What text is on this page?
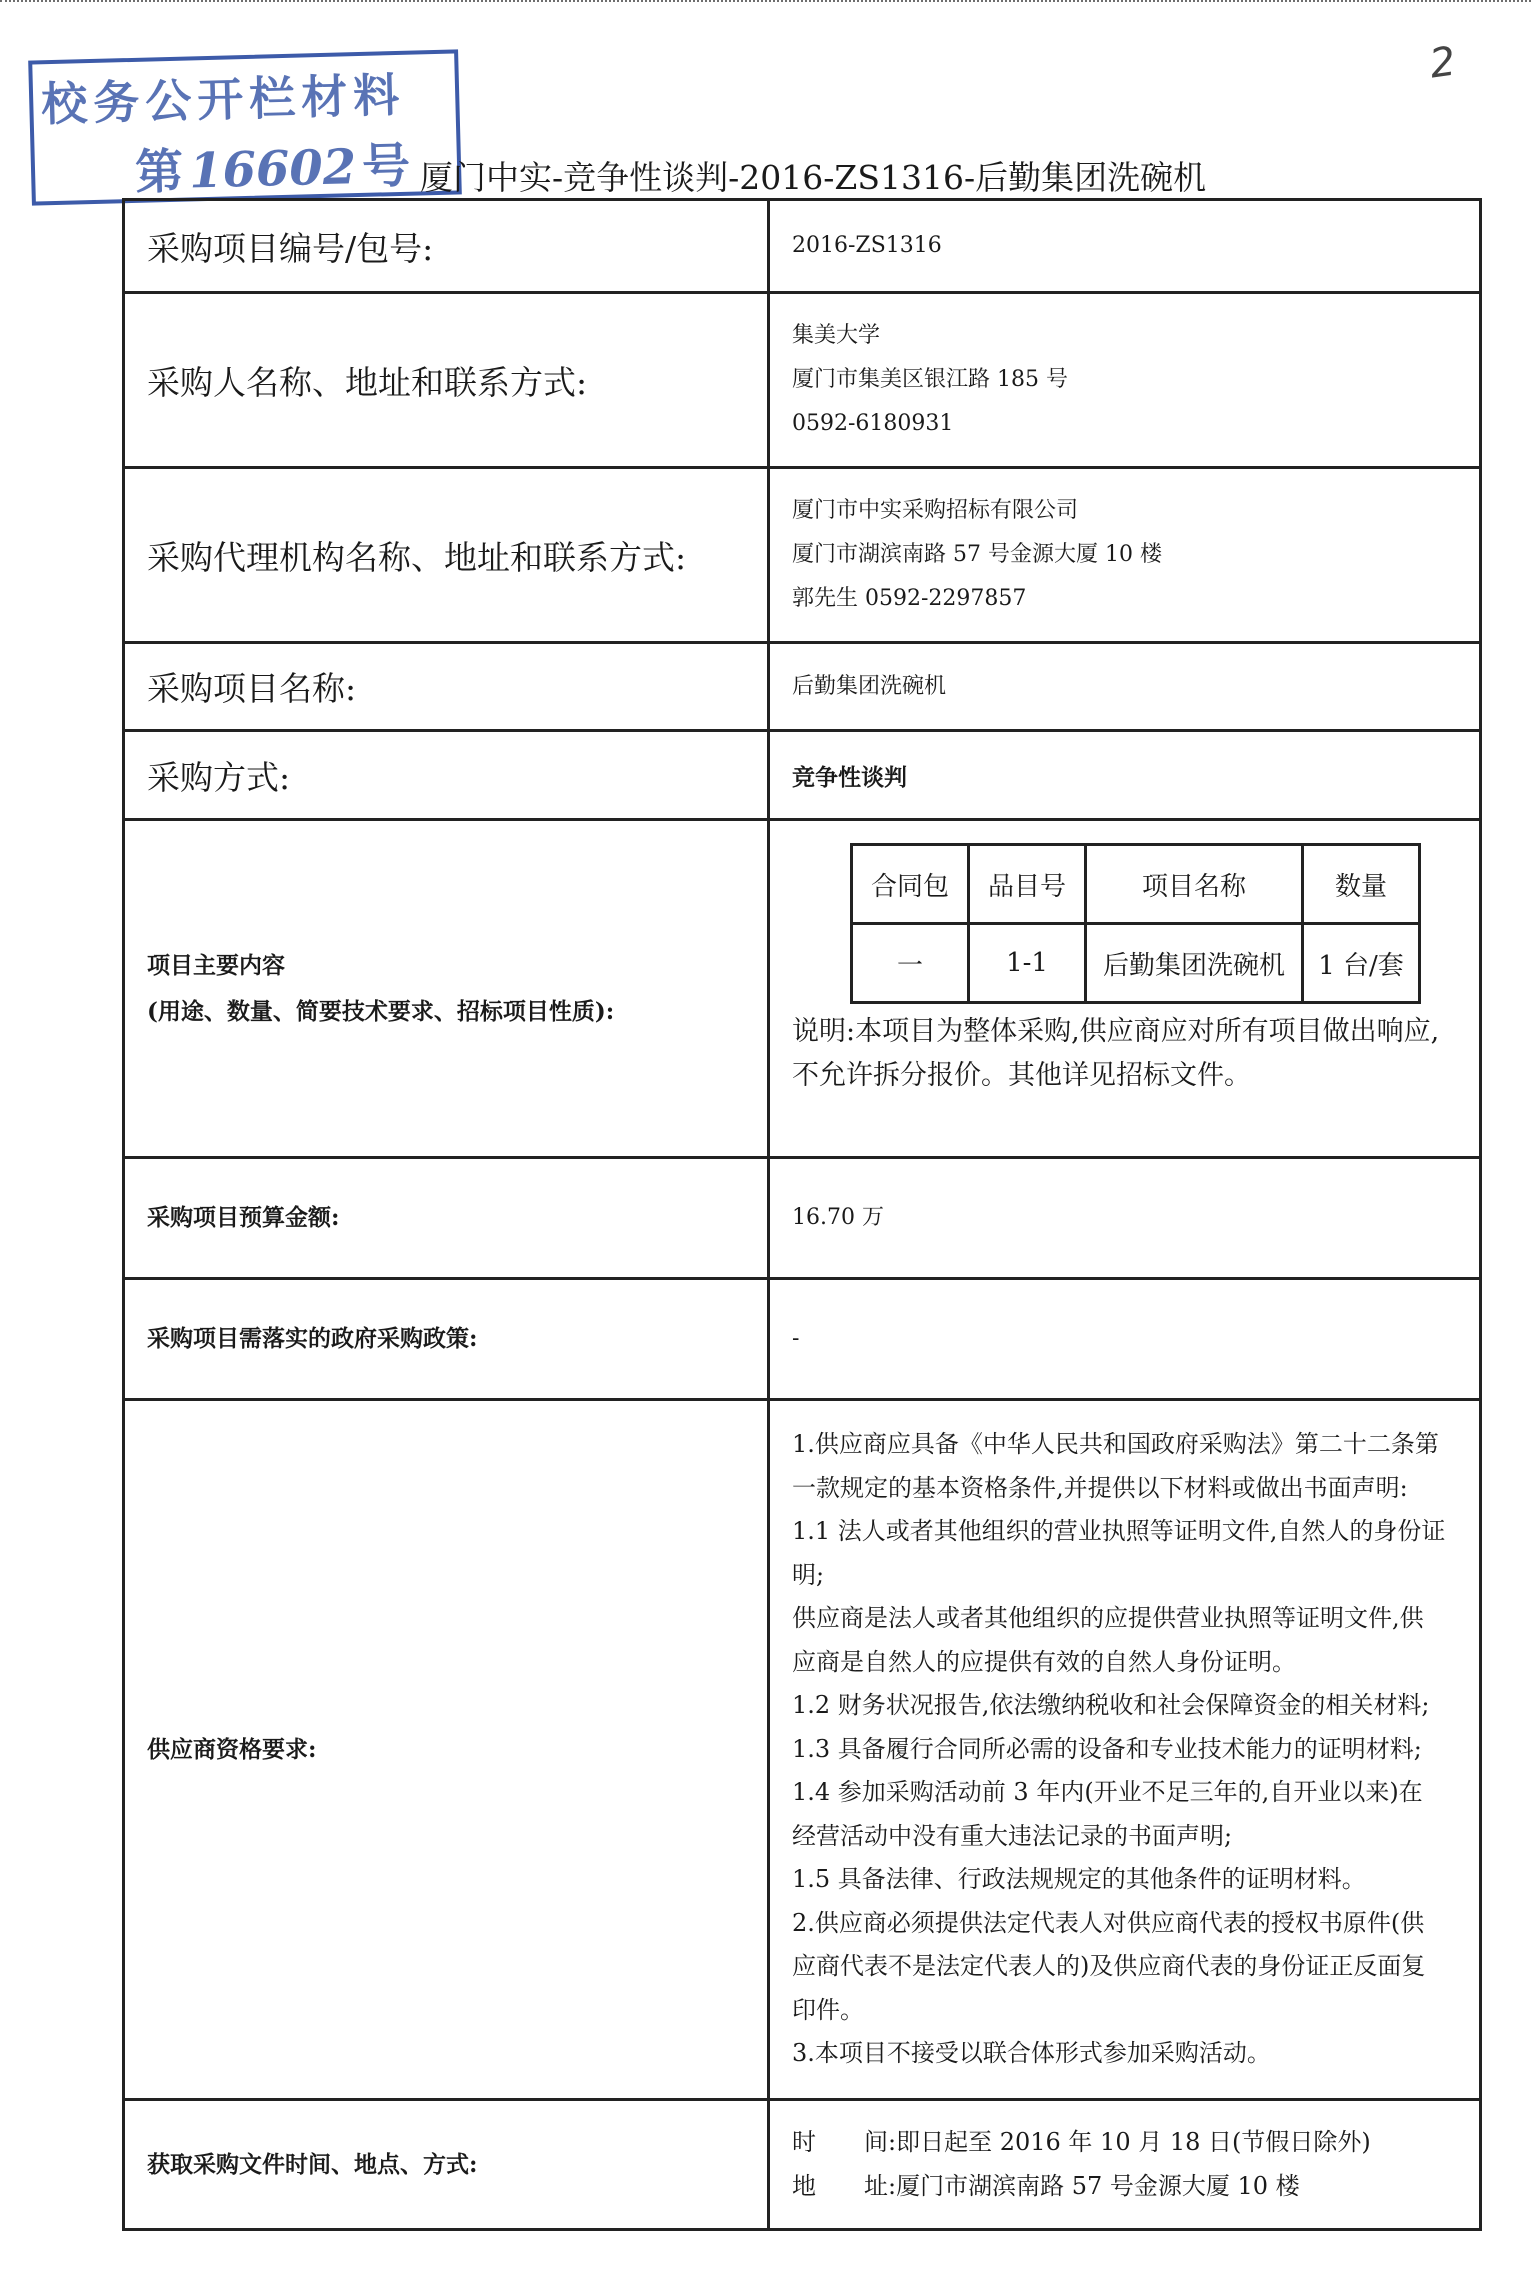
2
校务公开栏材料
第16602号 厦门中实-竞争性谈判-2016-ZS1316-后勤集团洗碗机
采购项目编号/包号:	2016-ZS1316
采购人名称、地址和联系方式:	
集美大学
厦门市集美区银江路 185 号
0592-6180931

采购代理机构名称、地址和联系方式:	
厦门市中实采购招标有限公司
厦门市湖滨南路 57 号金源大厦 10 楼
郭先生 0592-2297857

采购项目名称:	后勤集团洗碗机
采购方式:	竞争性谈判

项目主要内容
(用途、数量、简要技术要求、招标项目性质):

合同包	品目号	项目名称	数量
一	1-1	后勤集团洗碗机	1 台/套
说明:本项目为整体采购,供应商应对所有项目做出响应,
不允许拆分报价。其他详见招标文件。

采购项目预算金额:	16.70 万
采购项目需落实的政府采购政策:	-
供应商资格要求:	
1.供应商应具备《中华人民共和国政府采购法》第二十二条第
一款规定的基本资格条件,并提供以下材料或做出书面声明:
1.1 法人或者其他组织的营业执照等证明文件,自然人的身份证
明;
供应商是法人或者其他组织的应提供营业执照等证明文件,供
应商是自然人的应提供有效的自然人身份证明。
1.2 财务状况报告,依法缴纳税收和社会保障资金的相关材料;
1.3 具备履行合同所必需的设备和专业技术能力的证明材料;
1.4 参加采购活动前 3 年内(开业不足三年的,自开业以来)在
经营活动中没有重大违法记录的书面声明;
1.5 具备法律、行政法规规定的其他条件的证明材料。
2.供应商必须提供法定代表人对供应商代表的授权书原件(供
应商代表不是法定代表人的)及供应商代表的身份证正反面复
印件。
3.本项目不接受以联合体形式参加采购活动。

获取采购文件时间、地点、方式:	
时　　间:即日起至 2016 年 10 月 18 日(节假日除外)
地　　址:厦门市湖滨南路 57 号金源大厦 10 楼
